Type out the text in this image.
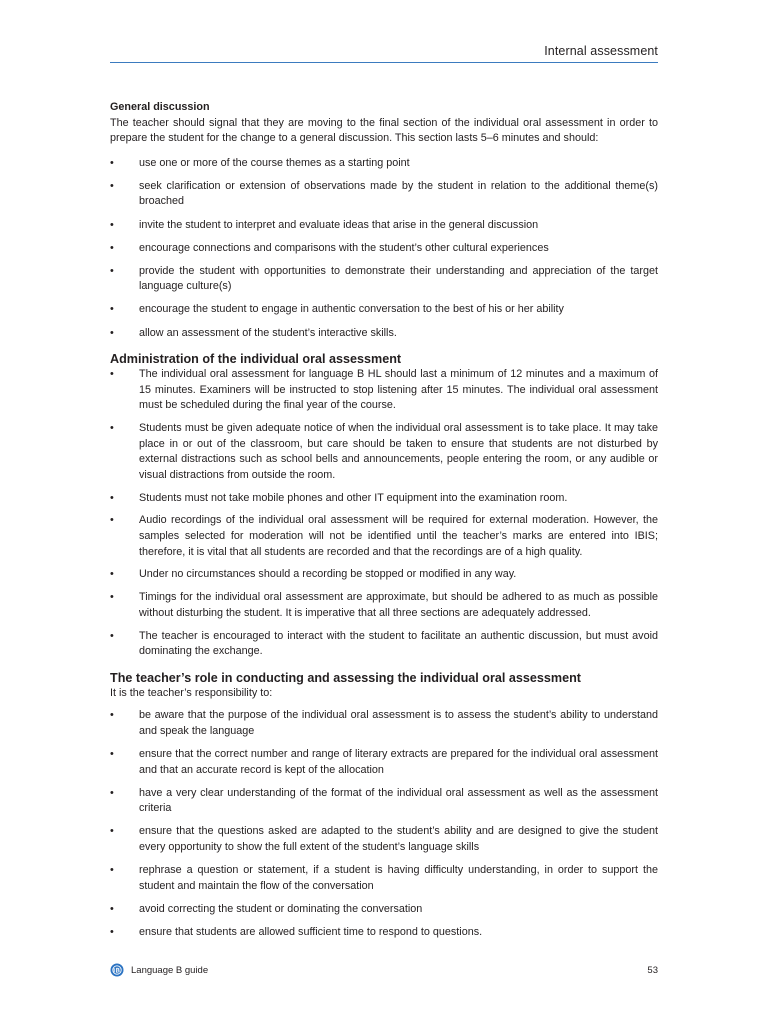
Internal assessment
General discussion

The teacher should signal that they are moving to the final section of the individual oral assessment in order to prepare the student for the change to a general discussion. This section lasts 5–6 minutes and should:

• use one or more of the course themes as a starting point
• seek clarification or extension of observations made by the student in relation to the additional theme(s) broached
• invite the student to interpret and evaluate ideas that arise in the general discussion
• encourage connections and comparisons with the student’s other cultural experiences
• provide the student with opportunities to demonstrate their understanding and appreciation of the target language culture(s)
• encourage the student to engage in authentic conversation to the best of his or her ability
• allow an assessment of the student’s interactive skills.
Administration of the individual oral assessment
• The individual oral assessment for language B HL should last a minimum of 12 minutes and a maximum of 15 minutes. Examiners will be instructed to stop listening after 15 minutes. The individual oral assessment must be scheduled during the final year of the course.
• Students must be given adequate notice of when the individual oral assessment is to take place. It may take place in or out of the classroom, but care should be taken to ensure that students are not disturbed by external distractions such as school bells and announcements, people entering the room, or any audible or visual distractions from outside the room.
• Students must not take mobile phones and other IT equipment into the examination room.
• Audio recordings of the individual oral assessment will be required for external moderation. However, the samples selected for moderation will not be identified until the teacher’s marks are entered into IBIS; therefore, it is vital that all students are recorded and that the recordings are of a high quality.
• Under no circumstances should a recording be stopped or modified in any way.
• Timings for the individual oral assessment are approximate, but should be adhered to as much as possible without disturbing the student. It is imperative that all three sections are adequately addressed.
• The teacher is encouraged to interact with the student to facilitate an authentic discussion, but must avoid dominating the exchange.
The teacher’s role in conducting and assessing the individual oral assessment

It is the teacher’s responsibility to:

• be aware that the purpose of the individual oral assessment is to assess the student’s ability to understand and speak the language
• ensure that the correct number and range of literary extracts are prepared for the individual oral assessment and that an accurate record is kept of the allocation
• have a very clear understanding of the format of the individual oral assessment as well as the assessment criteria
• ensure that the questions asked are adapted to the student’s ability and are designed to give the student every opportunity to show the full extent of the student’s language skills
• rephrase a question or statement, if a student is having difficulty understanding, in order to support the student and maintain the flow of the conversation
• avoid correcting the student or dominating the conversation
• ensure that students are allowed sufficient time to respond to questions.
Language B guide	53
